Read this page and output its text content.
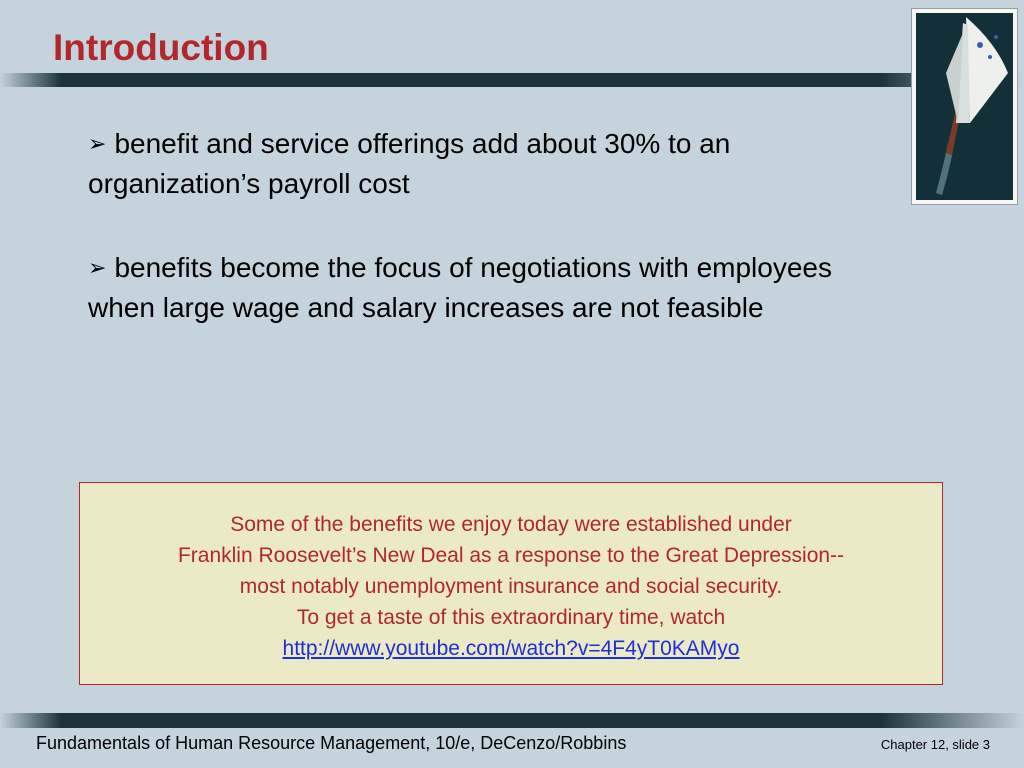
Introduction

➢ benefit and service offerings add about 30% to an organization’s payroll cost

➢ benefits become the focus of negotiations with employees when large wage and salary increases are not feasible

Some of the benefits we enjoy today were established under
Franklin Roosevelt’s New Deal as a response to the Great Depression--
most notably unemployment insurance and social security.
To get a taste of this extraordinary time, watch
http://www.youtube.com/watch?v=4F4yT0KAMyo
Fundamentals of Human Resource Management, 10/e, DeCenzo/Robbins	Chapter 12, slide 3
